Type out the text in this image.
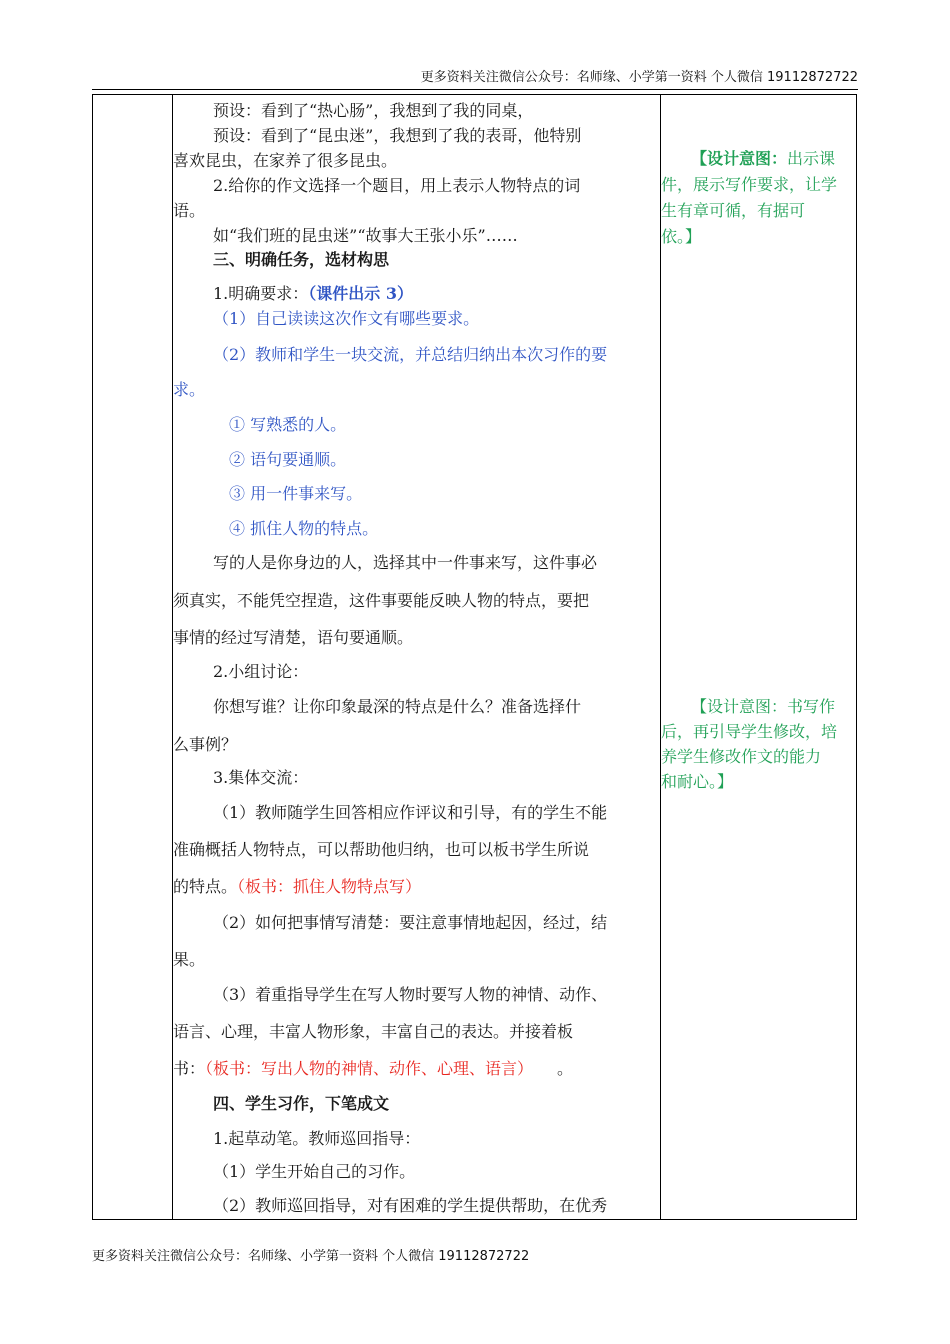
更多资料关注微信公众号：名师缘、小学第一资料 个人微信 19112872722
预设：看到了“热心肠”，我想到了我的同桌，
预设：看到了“昆虫迷”，我想到了我的表哥，他特别
喜欢昆虫，在家养了很多昆虫。
2.给你的作文选择一个题目，用上表示人物特点的词
语。
如“我们班的昆虫迷”“故事大王张小乐”……
三、明确任务，选材构思
1.明确要求：（课件出示 3）
（1）自己读读这次作文有哪些要求。
（2）教师和学生一块交流，并总结归纳出本次习作的要
求。
① 写熟悉的人。
② 语句要通顺。
③ 用一件事来写。
④ 抓住人物的特点。
写的人是你身边的人，选择其中一件事来写，这件事必
须真实，不能凭空捏造，这件事要能反映人物的特点，要把
事情的经过写清楚，语句要通顺。
2.小组讨论：
你想写谁？让你印象最深的特点是什么？准备选择什
么事例？
3.集体交流：
（1）教师随学生回答相应作评议和引导，有的学生不能
准确概括人物特点，可以帮助他归纳，也可以板书学生所说
的特点。（板书：抓住人物特点写）
（2）如何把事情写清楚：要注意事情地起因，经过，结
果。
（3）着重指导学生在写人物时要写人物的神情、动作、
语言、心理，丰富人物形象，丰富自己的表达。并接着板
书：（板书：写出人物的神情、动作、心理、语言） 。
四、学生习作，下笔成文
1.起草动笔。教师巡回指导：
（1）学生开始自己的习作。
（2）教师巡回指导，对有困难的学生提供帮助，在优秀
【设计意图：出示课
件，展示写作要求，让学
生有章可循，有据可
依。】
【设计意图：书写作
后，再引导学生修改，培
养学生修改作文的能力
和耐心。】
更多资料关注微信公众号：名师缘、小学第一资料 个人微信 19112872722
